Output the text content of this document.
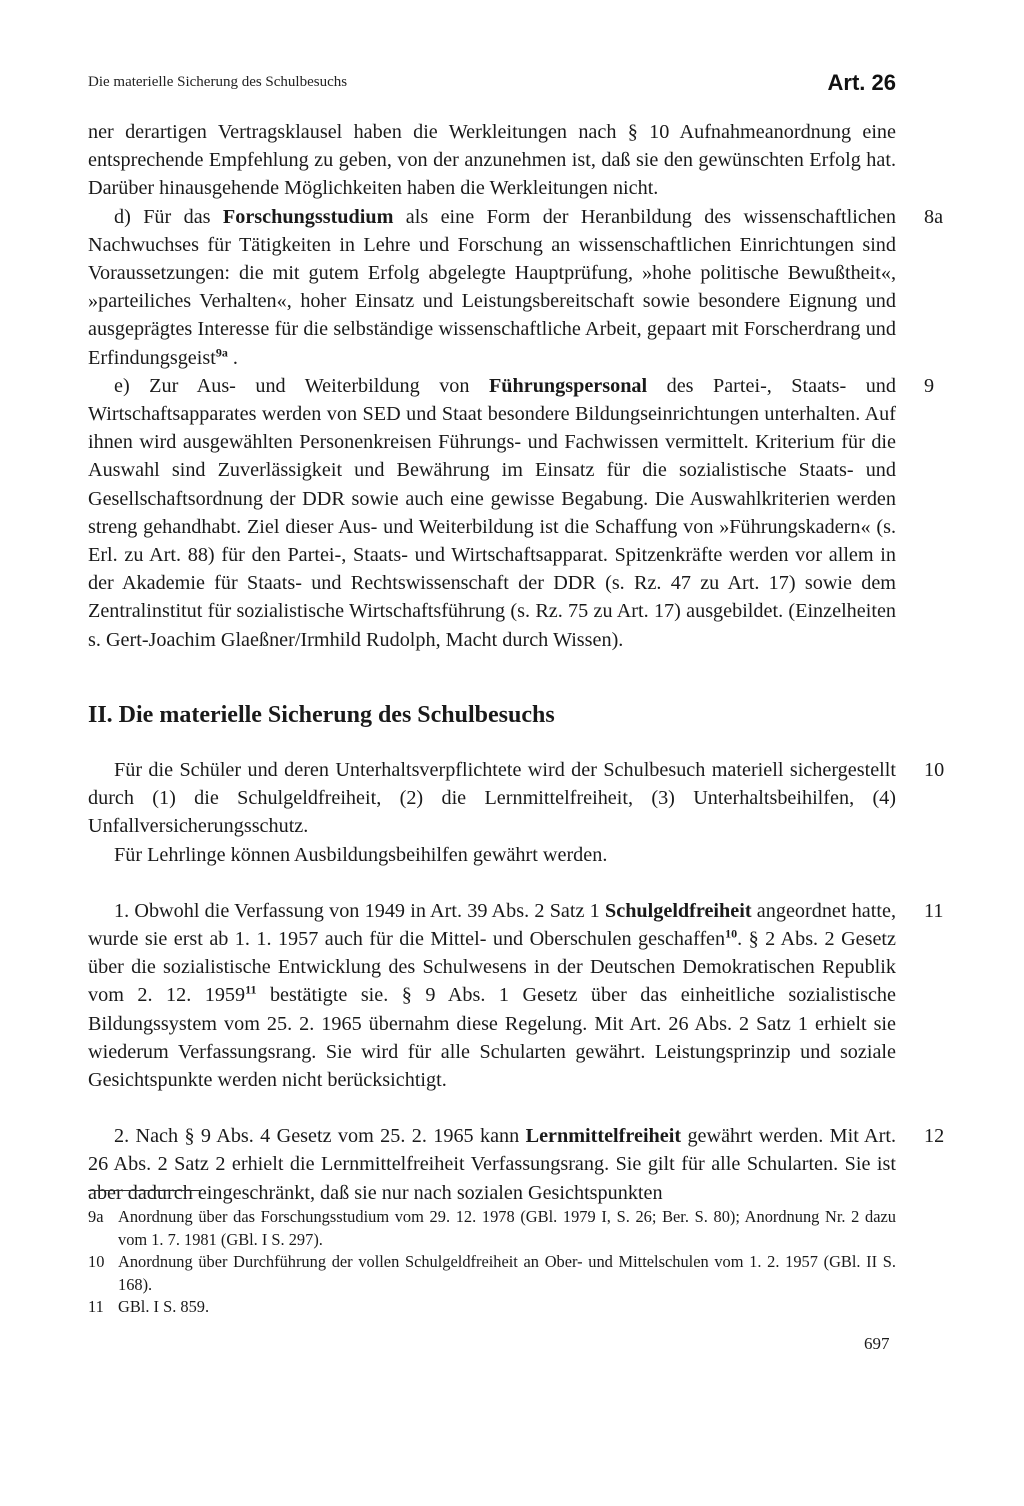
Die materielle Sicherung des Schulbesuchs	Art. 26

ner derartigen Vertragsklausel haben die Werkleitungen nach § 10 Aufnahmeanordnung eine entsprechende Empfehlung zu geben, von der anzunehmen ist, daß sie den gewünschten Erfolg hat. Darüber hinausgehende Möglichkeiten haben die Werkleitungen nicht.

8a
d) Für das Forschungsstudium als eine Form der Heranbildung des wissenschaftlichen Nachwuchses für Tätigkeiten in Lehre und Forschung an wissenschaftlichen Einrichtungen sind Voraussetzungen: die mit gutem Erfolg abgelegte Hauptprüfung, »hohe politische Bewußtheit«, »parteiliches Verhalten«, hoher Einsatz und Leistungsbereitschaft sowie besondere Eignung und ausgeprägtes Interesse für die selbständige wissenschaftliche Arbeit, gepaart mit Forscherdrang und Erfindungsgeist$^{9a}$ .

9
e) Zur Aus- und Weiterbildung von Führungspersonal des Partei-, Staats- und Wirtschaftsapparates werden von SED und Staat besondere Bildungseinrichtungen unterhalten. Auf ihnen wird ausgewählten Personenkreisen Führungs- und Fachwissen vermittelt. Kriterium für die Auswahl sind Zuverlässigkeit und Bewährung im Einsatz für die sozialistische Staats- und Gesellschaftsordnung der DDR sowie auch eine gewisse Begabung. Die Auswahlkriterien werden streng gehandhabt. Ziel dieser Aus- und Weiterbildung ist die Schaffung von »Führungskadern« (s. Erl. zu Art. 88) für den Partei-, Staats- und Wirtschaftsapparat. Spitzenkräfte werden vor allem in der Akademie für Staats- und Rechtswissenschaft der DDR (s. Rz. 47 zu Art. 17) sowie dem Zentralinstitut für sozialistische Wirtschaftsführung (s. Rz. 75 zu Art. 17) ausgebildet. (Einzelheiten s. Gert-Joachim Glaeßner/Irmhild Rudolph, Macht durch Wissen).

II. Die materielle Sicherung des Schulbesuchs

10
Für die Schüler und deren Unterhaltsverpflichtete wird der Schulbesuch materiell sichergestellt durch (1) die Schulgeldfreiheit, (2) die Lernmittelfreiheit, (3) Unterhaltsbeihilfen, (4) Unfallversicherungsschutz.

Für Lehrlinge können Ausbildungsbeihilfen gewährt werden.

11
1. Obwohl die Verfassung von 1949 in Art. 39 Abs. 2 Satz 1 Schulgeldfreiheit angeordnet hatte, wurde sie erst ab 1. 1. 1957 auch für die Mittel- und Oberschulen geschaffen$^{10}$. § 2 Abs. 2 Gesetz über die sozialistische Entwicklung des Schulwesens in der Deutschen Demokratischen Republik vom 2. 12. 1959$^{11}$ bestätigte sie. § 9 Abs. 1 Gesetz über das einheitliche sozialistische Bildungssystem vom 25. 2. 1965 übernahm diese Regelung. Mit Art. 26 Abs. 2 Satz 1 erhielt sie wiederum Verfassungsrang. Sie wird für alle Schularten gewährt. Leistungsprinzip und soziale Gesichtspunkte werden nicht berücksichtigt.

12
2. Nach § 9 Abs. 4 Gesetz vom 25. 2. 1965 kann Lernmittelfreiheit gewährt werden. Mit Art. 26 Abs. 2 Satz 2 erhielt die Lernmittelfreiheit Verfassungsrang. Sie gilt für alle Schularten. Sie ist aber dadurch eingeschränkt, daß sie nur nach sozialen Gesichtspunkten

9a Anordnung über das Forschungsstudium vom 29. 12. 1978 (GBl. 1979 I, S. 26; Ber. S. 80); Anordnung Nr. 2 dazu vom 1. 7. 1981 (GBl. I S. 297).
10 Anordnung über Durchführung der vollen Schulgeldfreiheit an Ober- und Mittelschulen vom 1. 2. 1957 (GBl. II S. 168).
11 GBl. I S. 859.
697
